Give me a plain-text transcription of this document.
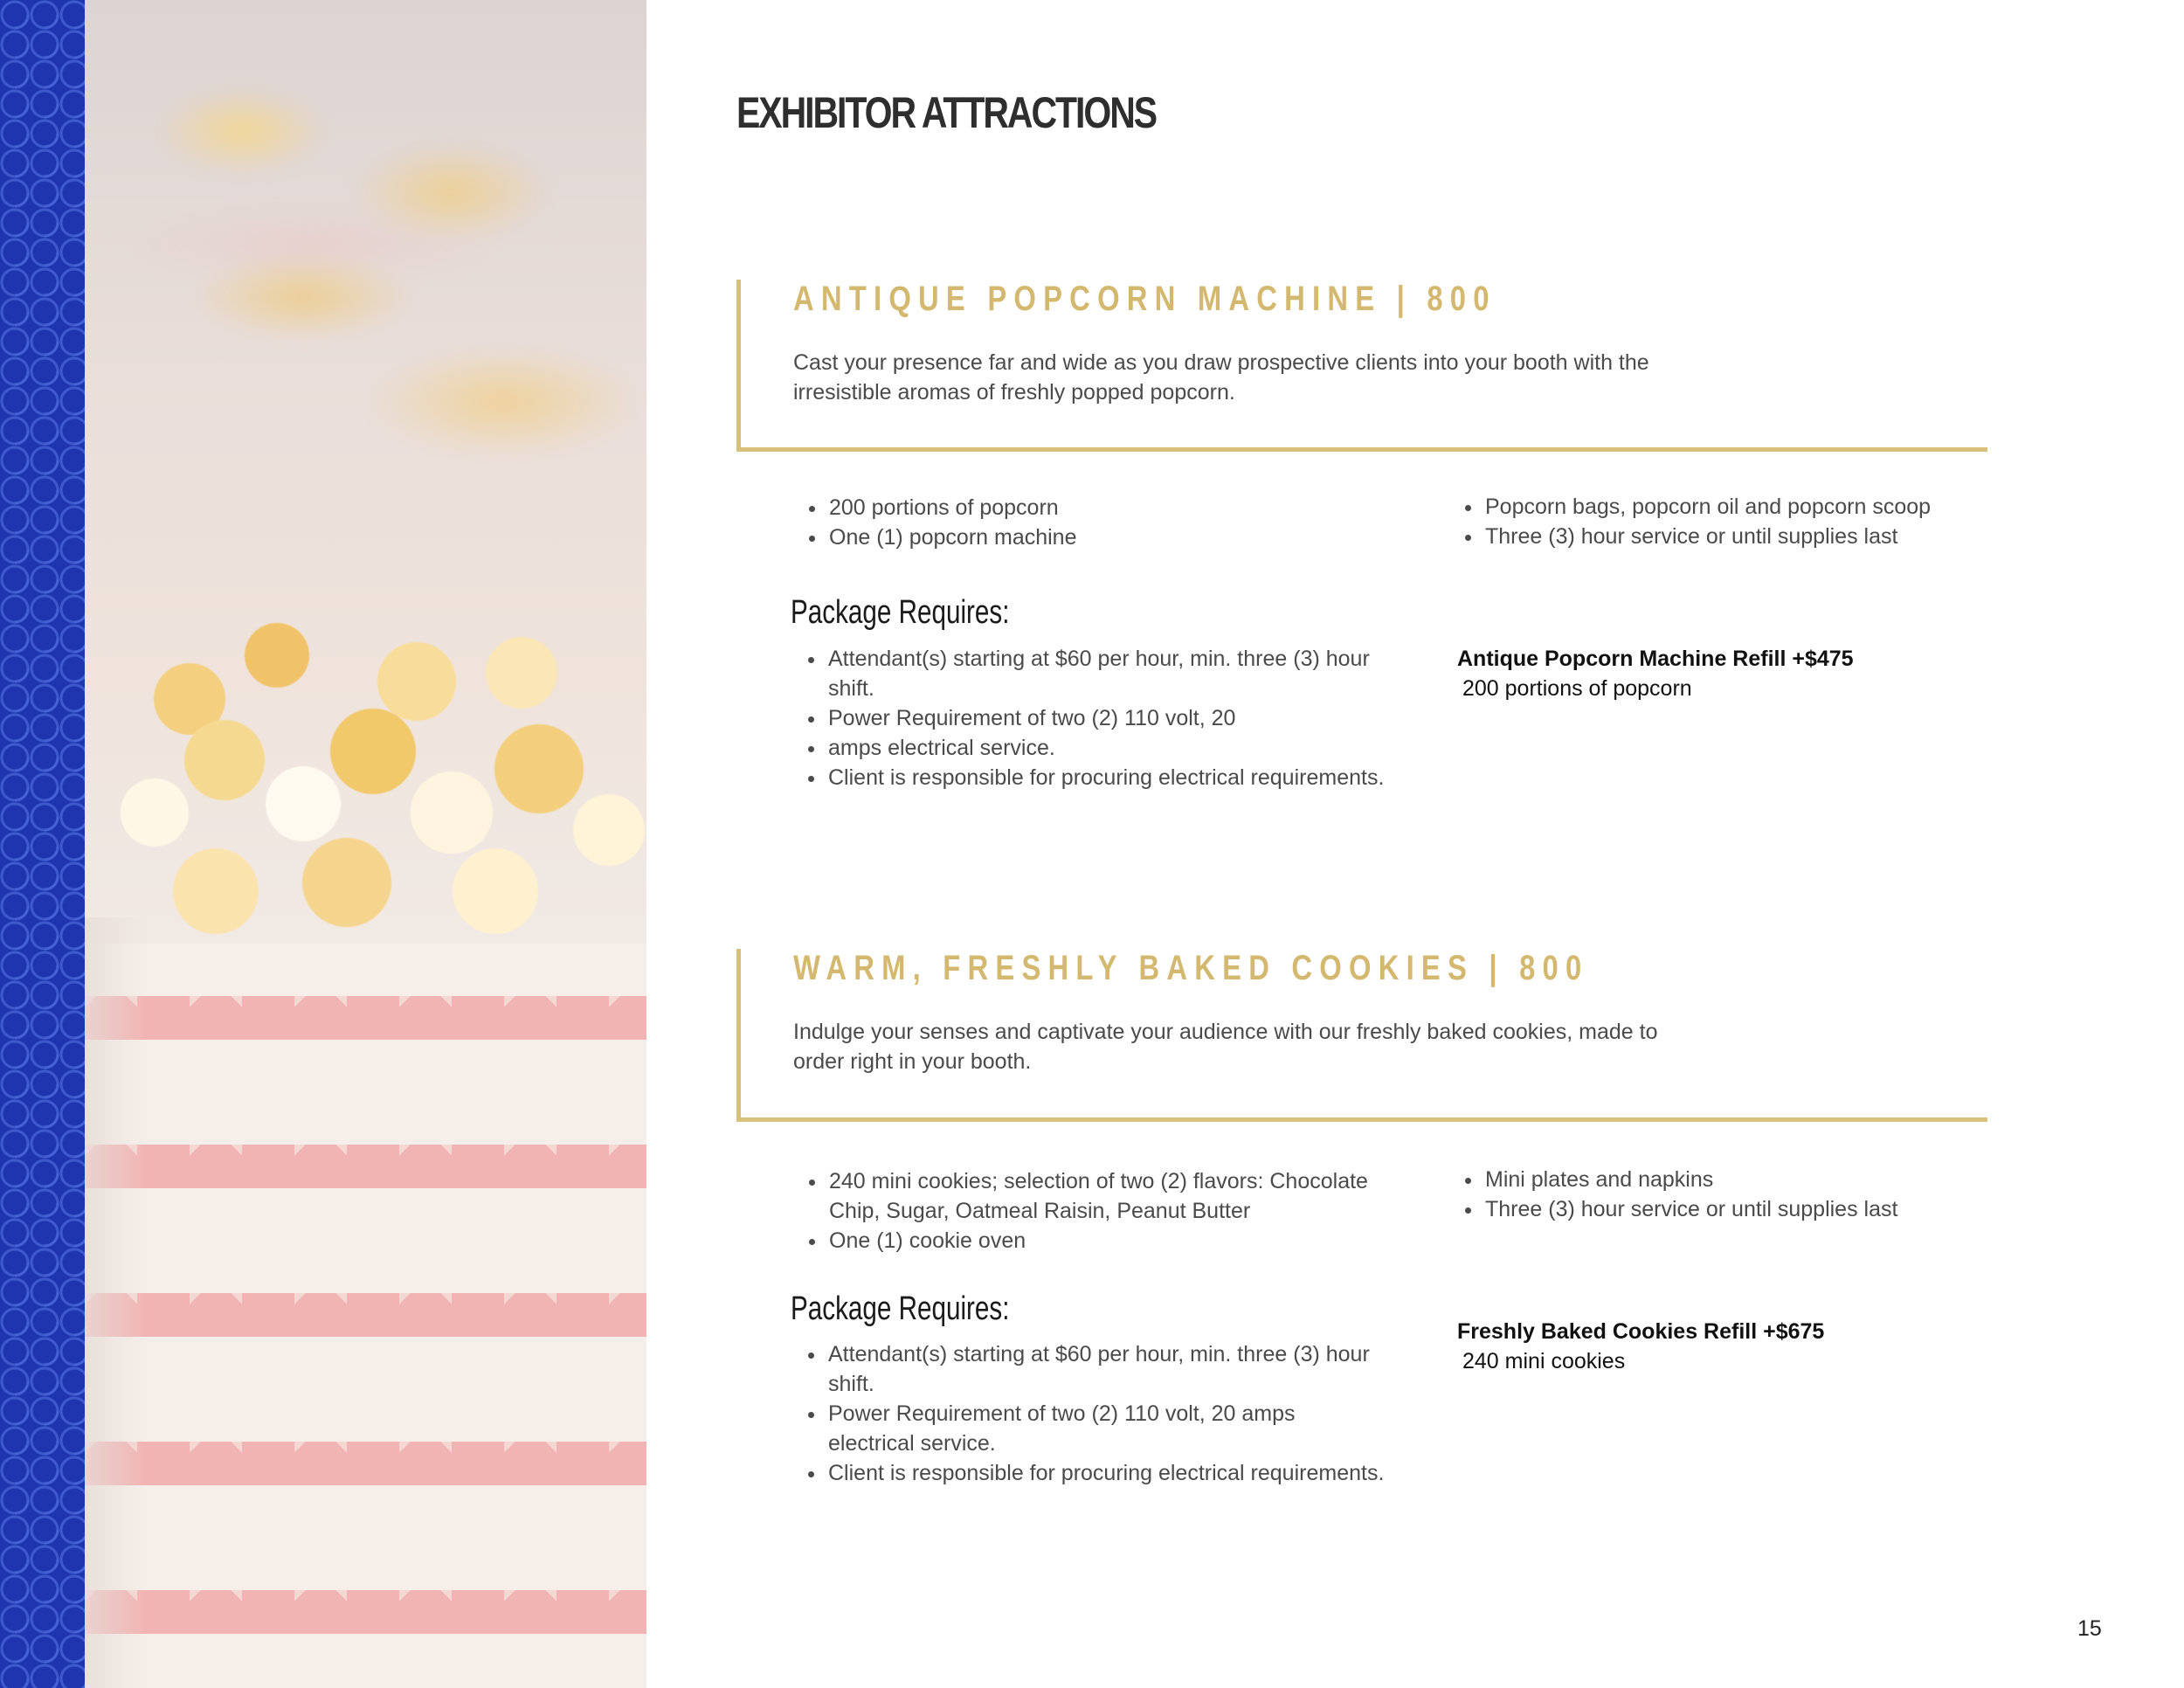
EXHIBITOR ATTRACTIONS
ANTIQUE POPCORN MACHINE | 800
Cast your presence far and wide as you draw prospective clients into your booth with the irresistible aromas of freshly popped popcorn.
• 200 portions of popcorn
• One (1) popcorn machine
• Popcorn bags, popcorn oil and popcorn scoop
• Three (3) hour service or until supplies last
Package Requires:
• Attendant(s) starting at $60 per hour, min. three (3) hour shift.
• Power Requirement of two (2) 110 volt, 20
• amps electrical service.
• Client is responsible for procuring electrical requirements.
Antique Popcorn Machine Refill +$475
200 portions of popcorn
WARM, FRESHLY BAKED COOKIES | 800
Indulge your senses and captivate your audience with our freshly baked cookies, made to order right in your booth.
• 240 mini cookies; selection of two (2) flavors: Chocolate Chip, Sugar, Oatmeal Raisin, Peanut Butter
• One (1) cookie oven
• Mini plates and napkins
• Three (3) hour service or until supplies last
Package Requires:
• Attendant(s) starting at $60 per hour, min. three (3) hour shift.
• Power Requirement of two (2) 110 volt, 20 amps electrical service.
• Client is responsible for procuring electrical requirements.
Freshly Baked Cookies Refill +$675
240 mini cookies
15
